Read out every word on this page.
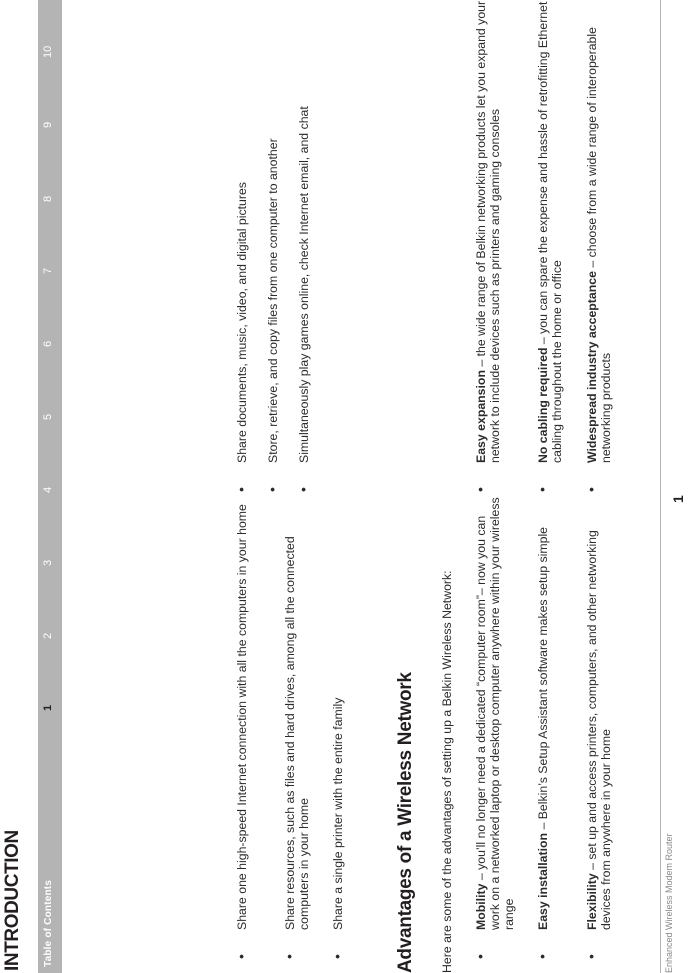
INTRODUCTION Table of Contents
1
2
3
4
5
6
7
8
9
10
• Share one high-speed Internet connection with all the computers in your home	• Share resources, such as files and hard drives, among all the connected computers in your home • Share a single printer with the entire family
• Share documents, music, video, and digital pictures • Store, retrieve, and copy files from one computer to another • Simultaneously play games online, check Internet email, and chat
Advantages of a Wireless Network Here are some of the advantages of setting up a Belkin Wireless Network: • Mobility – you’ll no longer need a dedicated “computer room”– now you can work on a networked laptop or desktop computer anywhere within your wireless range • Easy installation – Belkin’s Setup Assistant software makes setup simple
• Flexibility – set up and access printers, computers, and other networking devices from anywhere in your home
• Easy expansion – the wide range of Belkin networking products let you expand your network to include devices such as printers and gaming consoles	• No cabling required – you can spare the expense and hassle of retrofitting Ethernet cabling throughout the home or office • Widespread industry acceptance – choose from a wide range of interoperable networking products
Enhanced Wireless Modem Router
1
